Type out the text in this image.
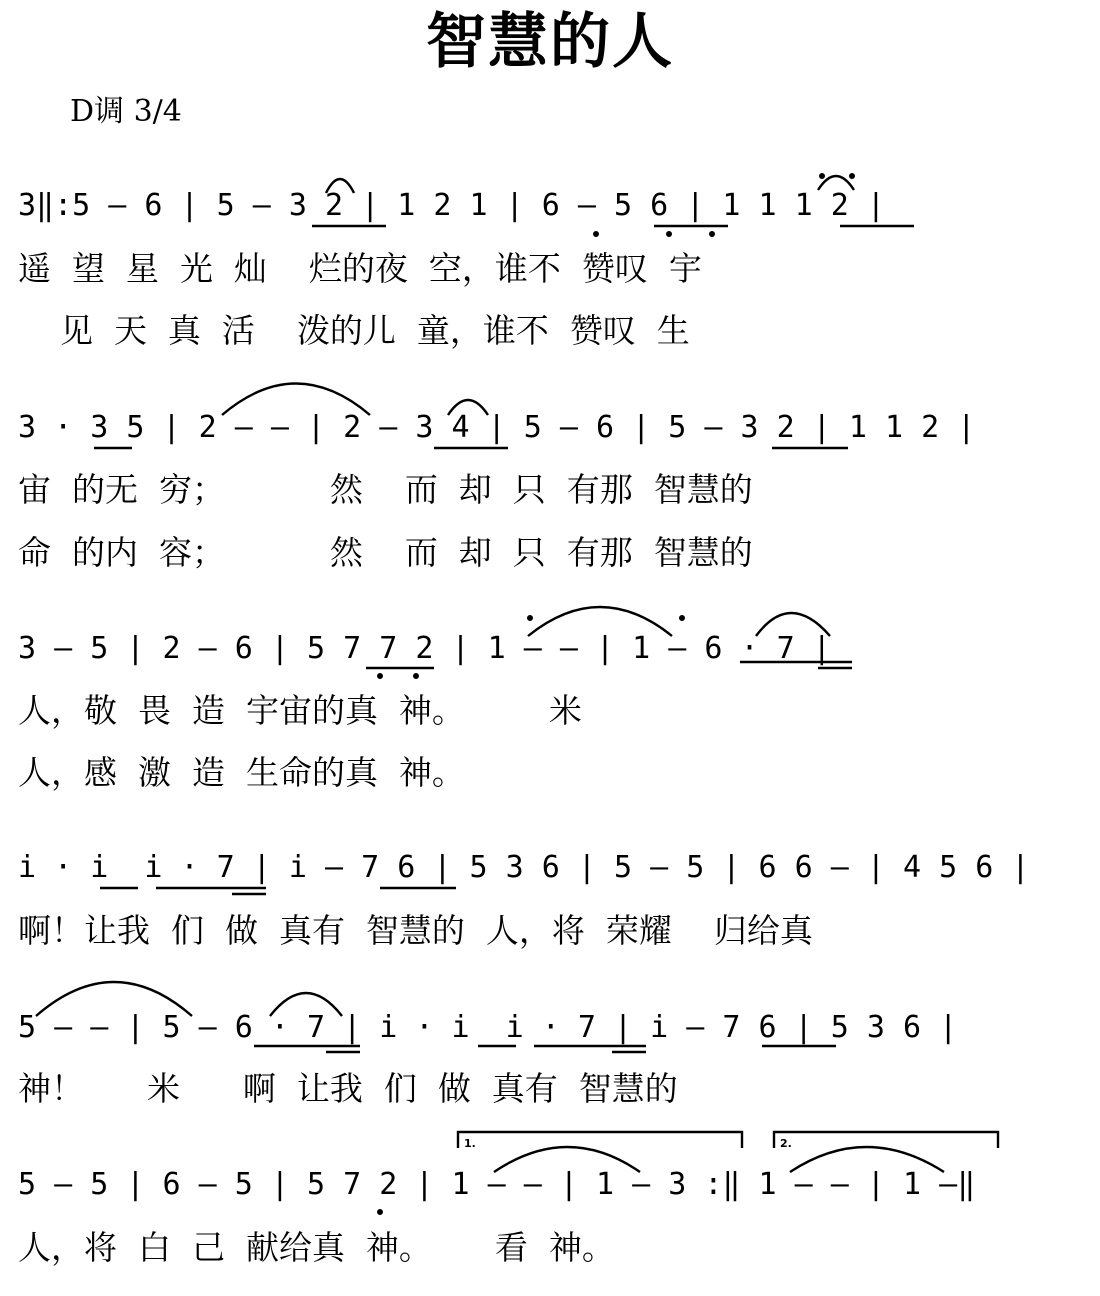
智慧的人
D调 3/4
3‖:5 — 6 | 5 — 3 2 | 1 2 1 | 6 — 5 6 | 1 1 1 2 |
遥  望  星  光  灿    烂的夜  空，谁不  赞叹  宇
见  天  真  活    泼的儿  童，谁不  赞叹  生
3 · 3 5 | 2 — — | 2 — 3 4 | 5 — 6 | 5 — 3 2 | 1 1 2 |
宙  的无  穷；          然    而  却  只  有那  智慧的
命  的内  容；          然    而  却  只  有那  智慧的
3 — 5 | 2 — 6 | 5 7 7 2 | 1 — — | 1 — 6 · 7 |
人，敬  畏  造  宇宙的真  神。        米
人，感  激  造  生命的真  神。
i · i  i · 7 | i — 7 6 | 5 3 6 | 5 — 5 | 6 6 — | 4 5 6 |
啊！让我  们  做  真有  智慧的  人，将  荣耀    归给真
5 — — | 5 — 6 · 7 | i · i  i · 7 | i — 7 6 | 5 3 6 |
神！      米      啊  让我  们  做  真有  智慧的
5 — 5 | 6 — 5 | 5 7 2 | 1 — — | 1 — 3 :‖ 1 — — | 1 —‖
人，将  白  己  献给真  神。      看  神。
1.	2.
